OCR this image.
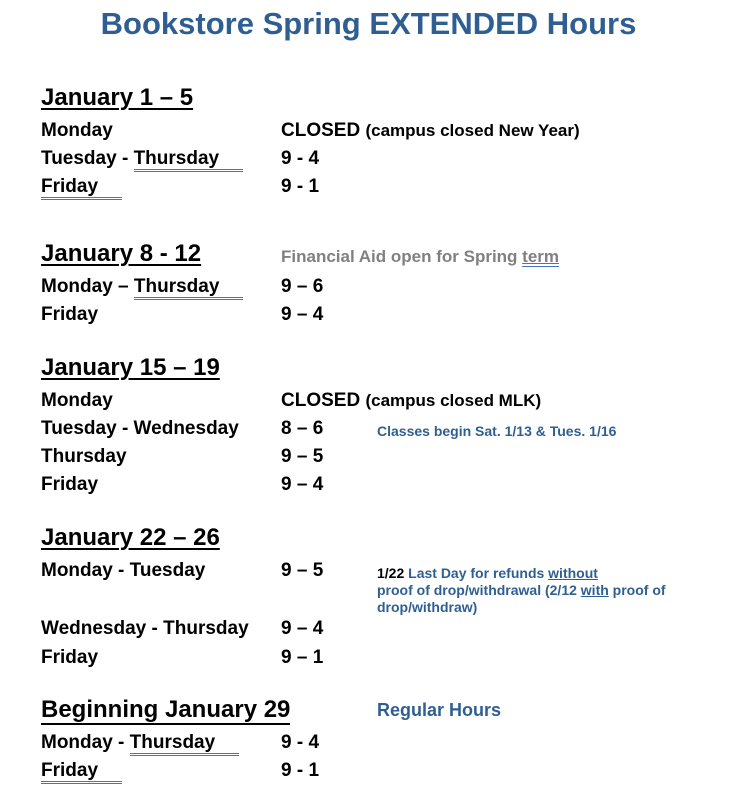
Bookstore Spring EXTENDED Hours
January 1 – 5
Monday	CLOSED (campus closed New Year)
Tuesday - Thursday	9 - 4
Friday	9 - 1
January 8 - 12	Financial Aid open for Spring term
Monday – Thursday	9 – 6
Friday	9 – 4
January 15 – 19
Monday	CLOSED (campus closed MLK)
Tuesday - Wednesday 8 – 6	Classes begin Sat. 1/13 & Tues. 1/16
Thursday	9 – 5
Friday	9 – 4
January 22 – 26
Monday - Tuesday	9 – 5	1/22 Last Day for refunds without
proof of drop/withdrawal (2/12 with proof of drop/withdraw)
Wednesday - Thursday 9 – 4
Friday	9 – 1
Beginning January 29	Regular Hours
Monday - Thursday	9 - 4
Friday	9 - 1
